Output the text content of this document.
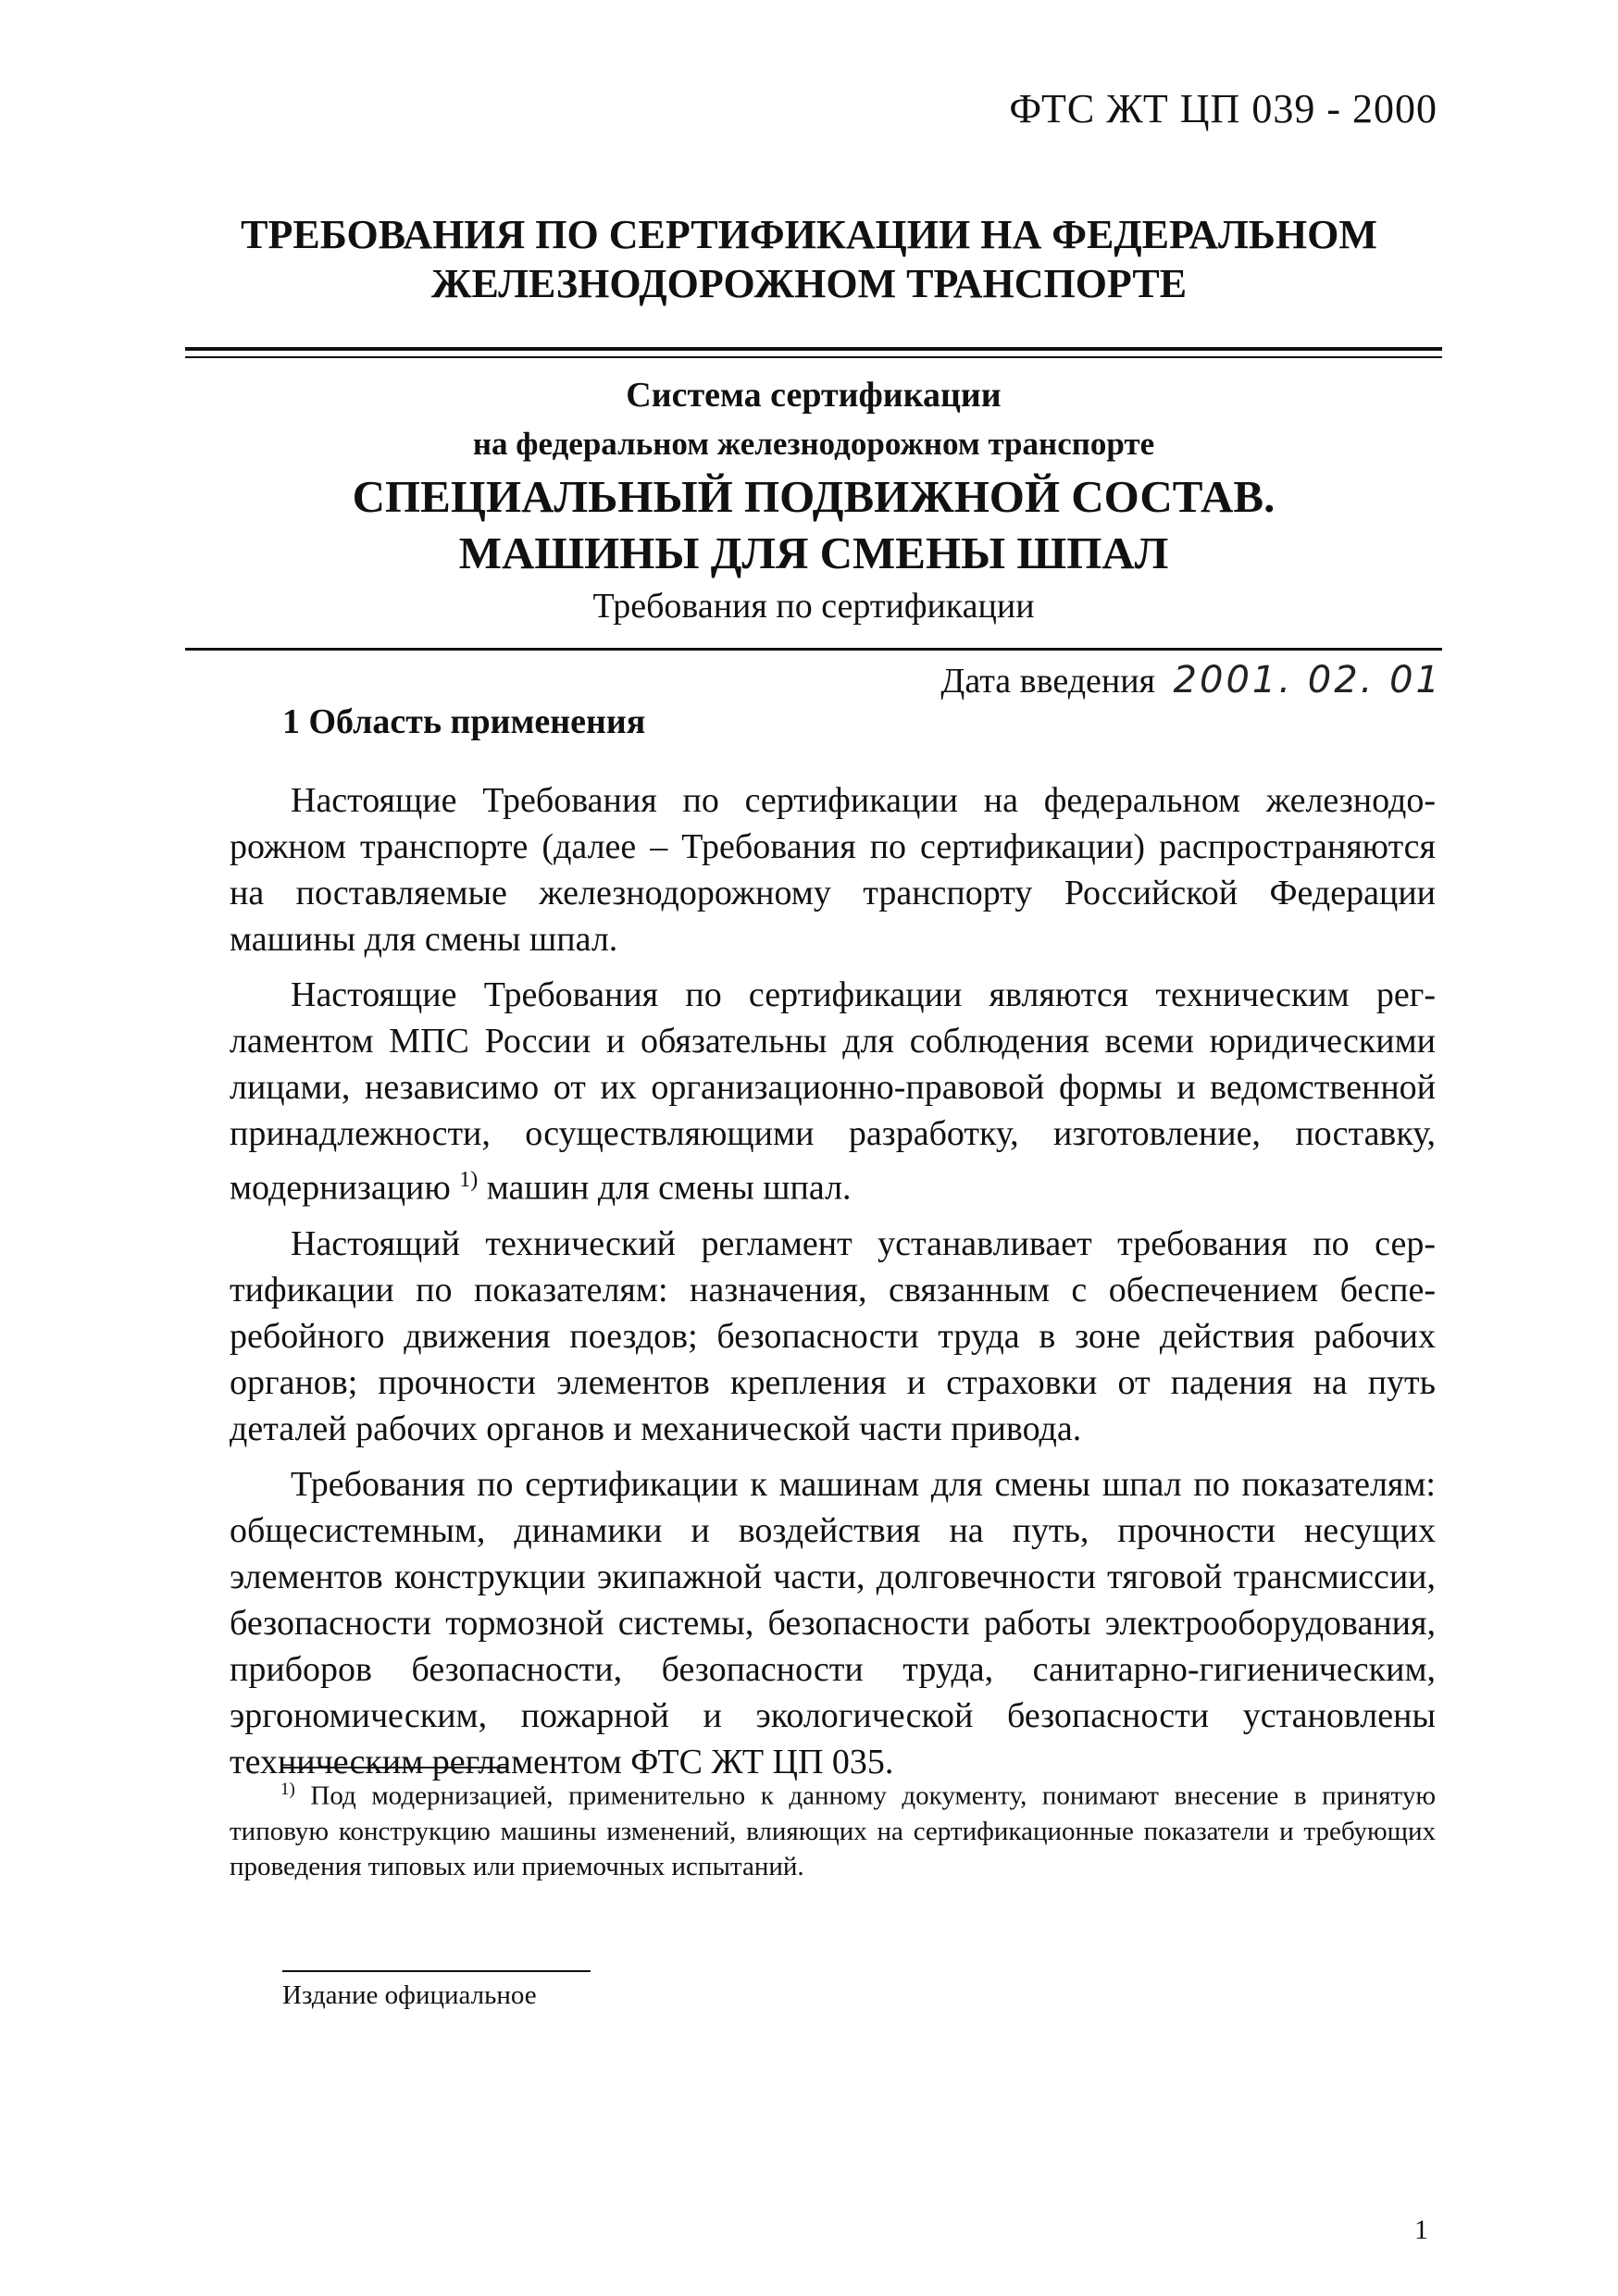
ФТС ЖТ ЦП 039 - 2000
ТРЕБОВАНИЯ ПО СЕРТИФИКАЦИИ НА ФЕДЕРАЛЬНОМ
ЖЕЛЕЗНОДОРОЖНОМ ТРАНСПОРТЕ
Система сертификации
на федеральном железнодорожном транспорте
СПЕЦИАЛЬНЫЙ ПОДВИЖНОЙ СОСТАВ.
МАШИНЫ ДЛЯ СМЕНЫ ШПАЛ
Требования по сертификации
Дата введения 2001. 02. 01
1 Область применения

Настоящие Требования по сертификации на федеральном железнодорожном транспорте (далее – Требования по сертификации) распространяются на поставляемые железнодорожному транспорту Российской Федерации машины для смены шпал.

Настоящие Требования по сертификации являются техническим регламентом МПС России и обязательны для соблюдения всеми юридическими лицами, независимо от их организационно-правовой формы и ведомственной принадлежности, осуществляющими разработку, изготовление, поставку, модернизацию $^{1)}$ машин для смены шпал.

Настоящий технический регламент устанавливает требования по сертификации по показателям: назначения, связанным с обеспечением бесперебойного движения поездов; безопасности труда в зоне действия рабочих органов; прочности элементов крепления и страховки от падения на путь деталей рабочих органов и механической части привода.

Требования по сертификации к машинам для смены шпал по показателям: общесистемным, динамики и воздействия на путь, прочности несущих элементов конструкции экипажной части, долговечности тяговой трансмиссии, безопасности тормозной системы, безопасности работы электрооборудования, приборов безопасности, безопасности труда, санитарно-гигиеническим, эргономическим, пожарной и экологической безопасности установлены техническим регламентом ФТС ЖТ ЦП 035.

$^{1)}$ Под модернизацией, применительно к данному документу, понимают внесение в принятую типовую конструкцию машины изменений, влияющих на сертификационные показатели и требующих проведения типовых или приемочных испытаний.

Издание официальное
1
